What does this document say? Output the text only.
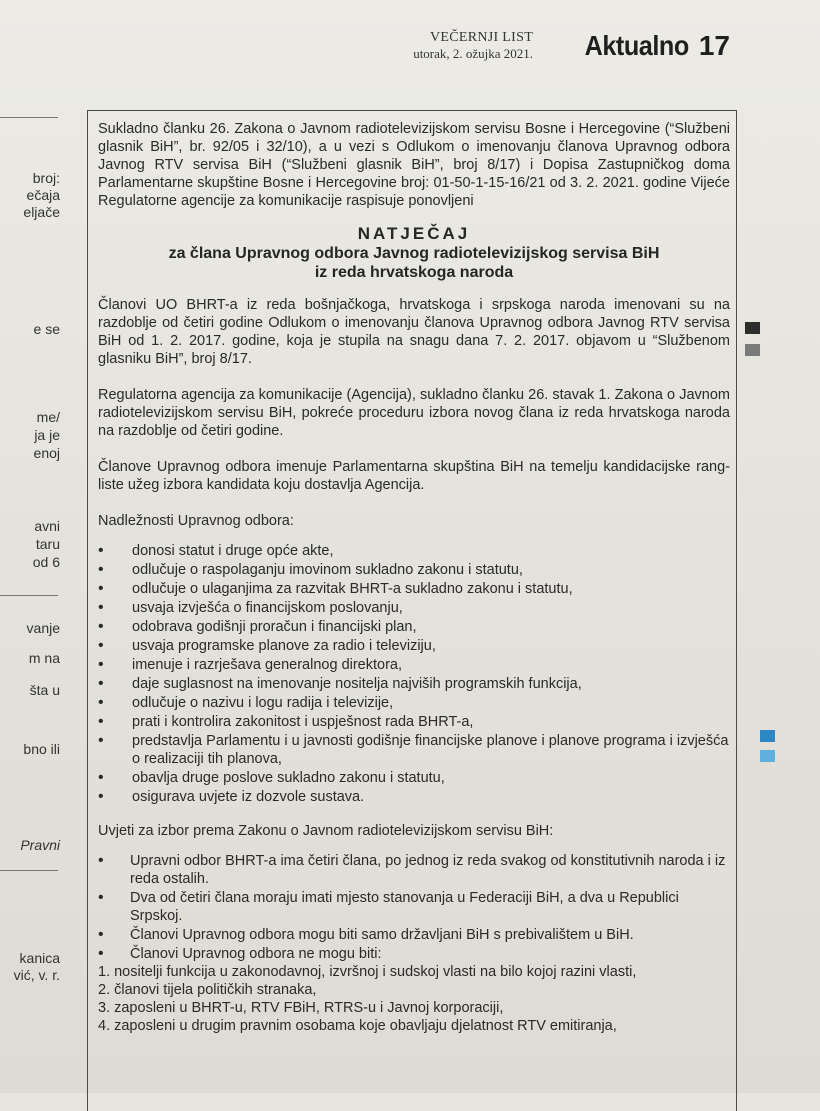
VEČERNJI LIST
utorak, 2. ožujka 2021. Aktualno 17
broj:
ečaja
eljače
e se
me/
ja je
enoj
avni
taru
od 6
vanje
m na
šta u
bno ili
Pravni
kanica
vić, v. r.

Sukladno članku 26. Zakona o Javnom radiotelevizijskom servisu Bosne i Hercegovine (“Službeni glasnik BiH”, br. 92/05 i 32/10), a u vezi s Odlukom o imenovanju članova Upravnog odbora Javnog RTV servisa BiH (“Službeni glasnik BiH”, broj 8/17) i Dopisa Zastupničkog doma Parlamentarne skupštine Bosne i Hercegovine broj: 01-50-1-15-16/21 od 3. 2. 2021. godine Vijeće Regulatorne agencije za komunikacije raspisuje ponovljeni

NATJEČAJ
za člana Upravnog odbora Javnog radiotelevizijskog servisa BiH
iz reda hrvatskoga naroda

Članovi UO BHRT-a iz reda bošnjačkoga, hrvatskoga i srpskoga naroda imenovani su na razdoblje od četiri godine Odlukom o imenovanju članova Upravnog odbora Javnog RTV servisa BiH od 1. 2. 2017. godine, koja je stupila na snagu dana 7. 2. 2017. objavom u “Službenom glasniku BiH”, broj 8/17.

Regulatorna agencija za komunikacije (Agencija), sukladno članku 26. stavak 1. Zakona o Javnom radiotelevizijskom servisu BiH, pokreće proceduru izbora novog člana iz reda hrvatskoga naroda na razdoblje od četiri godine.

Članove Upravnog odbora imenuje Parlamentarna skupština BiH na temelju kandidacijske rang-liste užeg izbora kandidata koju dostavlja Agencija.

Nadležnosti Upravnog odbora:

• donosi statut i druge opće akte,
• odlučuje o raspolaganju imovinom sukladno zakonu i statutu,
• odlučuje o ulaganjima za razvitak BHRT-a sukladno zakonu i statutu,
• usvaja izvješća o financijskom poslovanju,
• odobrava godišnji proračun i financijski plan,
• usvaja programske planove za radio i televiziju,
• imenuje i razrješava generalnog direktora,
• daje suglasnost na imenovanje nositelja najviših programskih funkcija,
• odlučuje o nazivu i logu radija i televizije,
• prati i kontrolira zakonitost i uspješnost rada BHRT-a,
• predstavlja Parlamentu i u javnosti godišnje financijske planove i planove programa i izvješća o realizaciji tih planova,
• obavlja druge poslove sukladno zakonu i statutu,
• osigurava uvjete iz dozvole sustava.

Uvjeti za izbor prema Zakonu o Javnom radiotelevizijskom servisu BiH:

• Upravni odbor BHRT-a ima četiri člana, po jednog iz reda svakog od konstitutivnih naroda i iz reda ostalih.
• Dva od četiri člana moraju imati mjesto stanovanja u Federaciji BiH, a dva u Republici Srpskoj.
• Članovi Upravnog odbora mogu biti samo državljani BiH s prebivalištem u BiH.
• Članovi Upravnog odbora ne mogu biti:
1. nositelji funkcija u zakonodavnoj, izvršnoj i sudskoj vlasti na bilo kojoj razini vlasti,
2. članovi tijela političkih stranaka,
3. zaposleni u BHRT-u, RTV FBiH, RTRS-u i Javnoj korporaciji,
4. zaposleni u drugim pravnim osobama koje obavljaju djelatnost RTV emitiranja,
